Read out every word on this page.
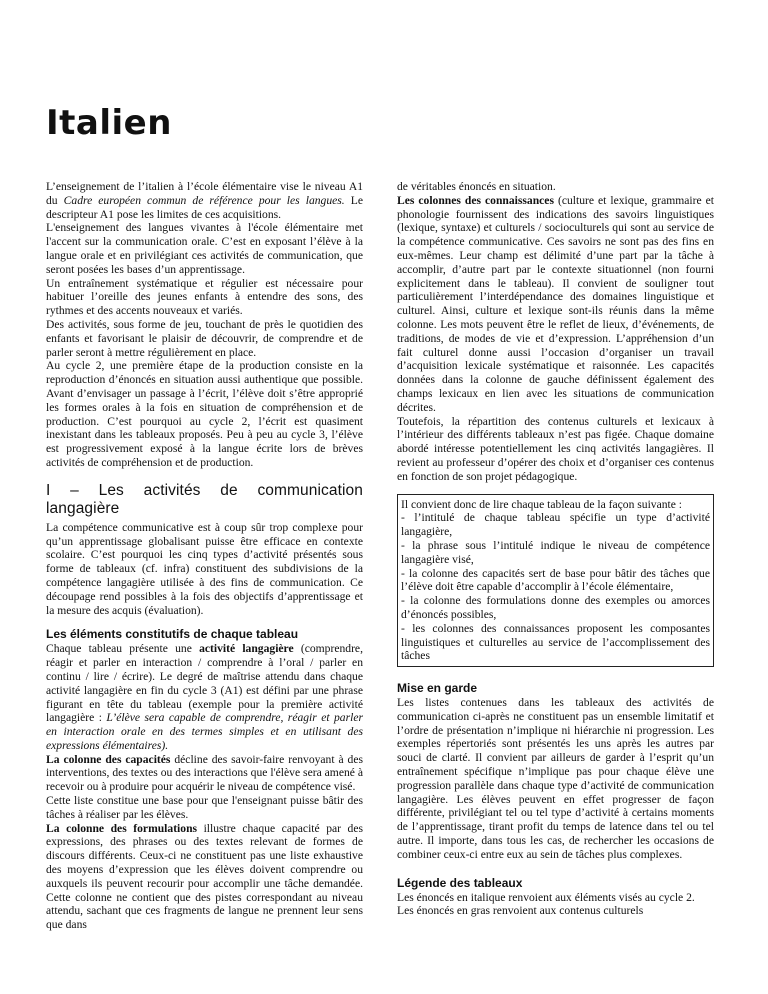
Italien

L’enseignement de l’italien à l’école élémentaire vise le niveau A1 du Cadre européen commun de référence pour les langues. Le descripteur A1 pose les limites de ces acquisitions.

L'enseignement des langues vivantes à l'école élémentaire met l'accent sur la communication orale. C’est en exposant l’élève à la langue orale et en privilégiant ces activités de communication, que seront posées les bases d’un apprentissage.

Un entraînement systématique et régulier est nécessaire pour habituer l’oreille des jeunes enfants à entendre des sons, des rythmes et des accents nouveaux et variés.

Des activités, sous forme de jeu, touchant de près le quotidien des enfants et favorisant le plaisir de découvrir, de comprendre et de parler seront à mettre régulièrement en place.

Au cycle 2, une première étape de la production consiste en la reproduction d’énoncés en situation aussi authentique que possible. Avant d’envisager un passage à l’écrit, l’élève doit s’être approprié les formes orales à la fois en situation de compréhension et de production. C’est pourquoi au cycle 2, l’écrit est quasiment inexistant dans les tableaux proposés. Peu à peu au cycle 3, l’élève est progressivement exposé à la langue écrite lors de brèves activités de compréhension et de production.

I – Les activités de communication langagière

La compétence communicative est à coup sûr trop complexe pour qu’un apprentissage globalisant puisse être efficace en contexte scolaire. C’est pourquoi les cinq types d’activité présentés sous forme de tableaux (cf. infra) constituent des subdivisions de la compétence langagière utilisée à des fins de communication. Ce découpage rend possibles à la fois des objectifs d’apprentissage et la mesure des acquis (évaluation).

Les éléments constitutifs de chaque tableau

Chaque tableau présente une activité langagière (comprendre, réagir et parler en interaction / comprendre à l’oral / parler en continu / lire / écrire). Le degré de maîtrise attendu dans chaque activité langagière en fin du cycle 3 (A1) est défini par une phrase figurant en tête du tableau (exemple pour la première activité langagière : L’élève sera capable de comprendre, réagir et parler en interaction orale en des termes simples et en utilisant des expressions élémentaires).

La colonne des capacités décline des savoir-faire renvoyant à des interventions, des textes ou des interactions que l'élève sera amené à recevoir ou à produire pour acquérir le niveau de compétence visé.

Cette liste constitue une base pour que l'enseignant puisse bâtir des tâches à réaliser par les élèves.

La colonne des formulations illustre chaque capacité par des expressions, des phrases ou des textes relevant de formes de discours différents. Ceux-ci ne constituent pas une liste exhaustive des moyens d’expression que les élèves doivent comprendre ou auxquels ils peuvent recourir pour accomplir une tâche demandée. Cette colonne ne contient que des pistes correspondant au niveau attendu, sachant que ces fragments de langue ne prennent leur sens que dans

de véritables énoncés en situation.

Les colonnes des connaissances (culture et lexique, grammaire et phonologie fournissent des indications des savoirs linguistiques (lexique, syntaxe) et culturels / socioculturels qui sont au service de la compétence communicative. Ces savoirs ne sont pas des fins en eux-mêmes. Leur champ est délimité d’une part par la tâche à accomplir, d’autre part par le contexte situationnel (non fourni explicitement dans le tableau). Il convient de souligner tout particulièrement l’interdépendance des domaines linguistique et culturel. Ainsi, culture et lexique sont-ils réunis dans la même colonne. Les mots peuvent être le reflet de lieux, d’événements, de traditions, de modes de vie et d’expression. L’appréhension d’un fait culturel donne aussi l’occasion d’organiser un travail d’acquisition lexicale systématique et raisonnée. Les capacités données dans la colonne de gauche définissent également des champs lexicaux en lien avec les situations de communication décrites.

Toutefois, la répartition des contenus culturels et lexicaux à l’intérieur des différents tableaux n’est pas figée. Chaque domaine abordé intéresse potentiellement les cinq activités langagières. Il revient au professeur d’opérer des choix et d’organiser ces contenus en fonction de son projet pédagogique.

Il convient donc de lire chaque tableau de la façon suivante :

- l’intitulé de chaque tableau spécifie un type d’activité langagière,

- la phrase sous l’intitulé indique le niveau de compétence langagière visé,

- la colonne des capacités sert de base pour bâtir des tâches que l’élève doit être capable d’accomplir à l’école élémentaire,

- la colonne des formulations donne des exemples ou amorces d’énoncés possibles,

- les colonnes des connaissances proposent les composantes linguistiques et culturelles au service de l’accomplissement des tâches

Mise en garde

Les listes contenues dans les tableaux des activités de communication ci-après ne constituent pas un ensemble limitatif et l’ordre de présentation n’implique ni hiérarchie ni progression. Les exemples répertoriés sont présentés les uns après les autres par souci de clarté. Il convient par ailleurs de garder à l’esprit qu’un entraînement spécifique n’implique pas pour chaque élève une progression parallèle dans chaque type d’activité de communication langagière. Les élèves peuvent en effet progresser de façon différente, privilégiant tel ou tel type d’activité à certains moments de l’apprentissage, tirant profit du temps de latence dans tel ou tel autre. Il importe, dans tous les cas, de rechercher les occasions de combiner ceux-ci entre eux au sein de tâches plus complexes.

Légende des tableaux

Les énoncés en italique renvoient aux éléments visés au cycle 2.

Les énoncés en gras renvoient aux contenus culturels
